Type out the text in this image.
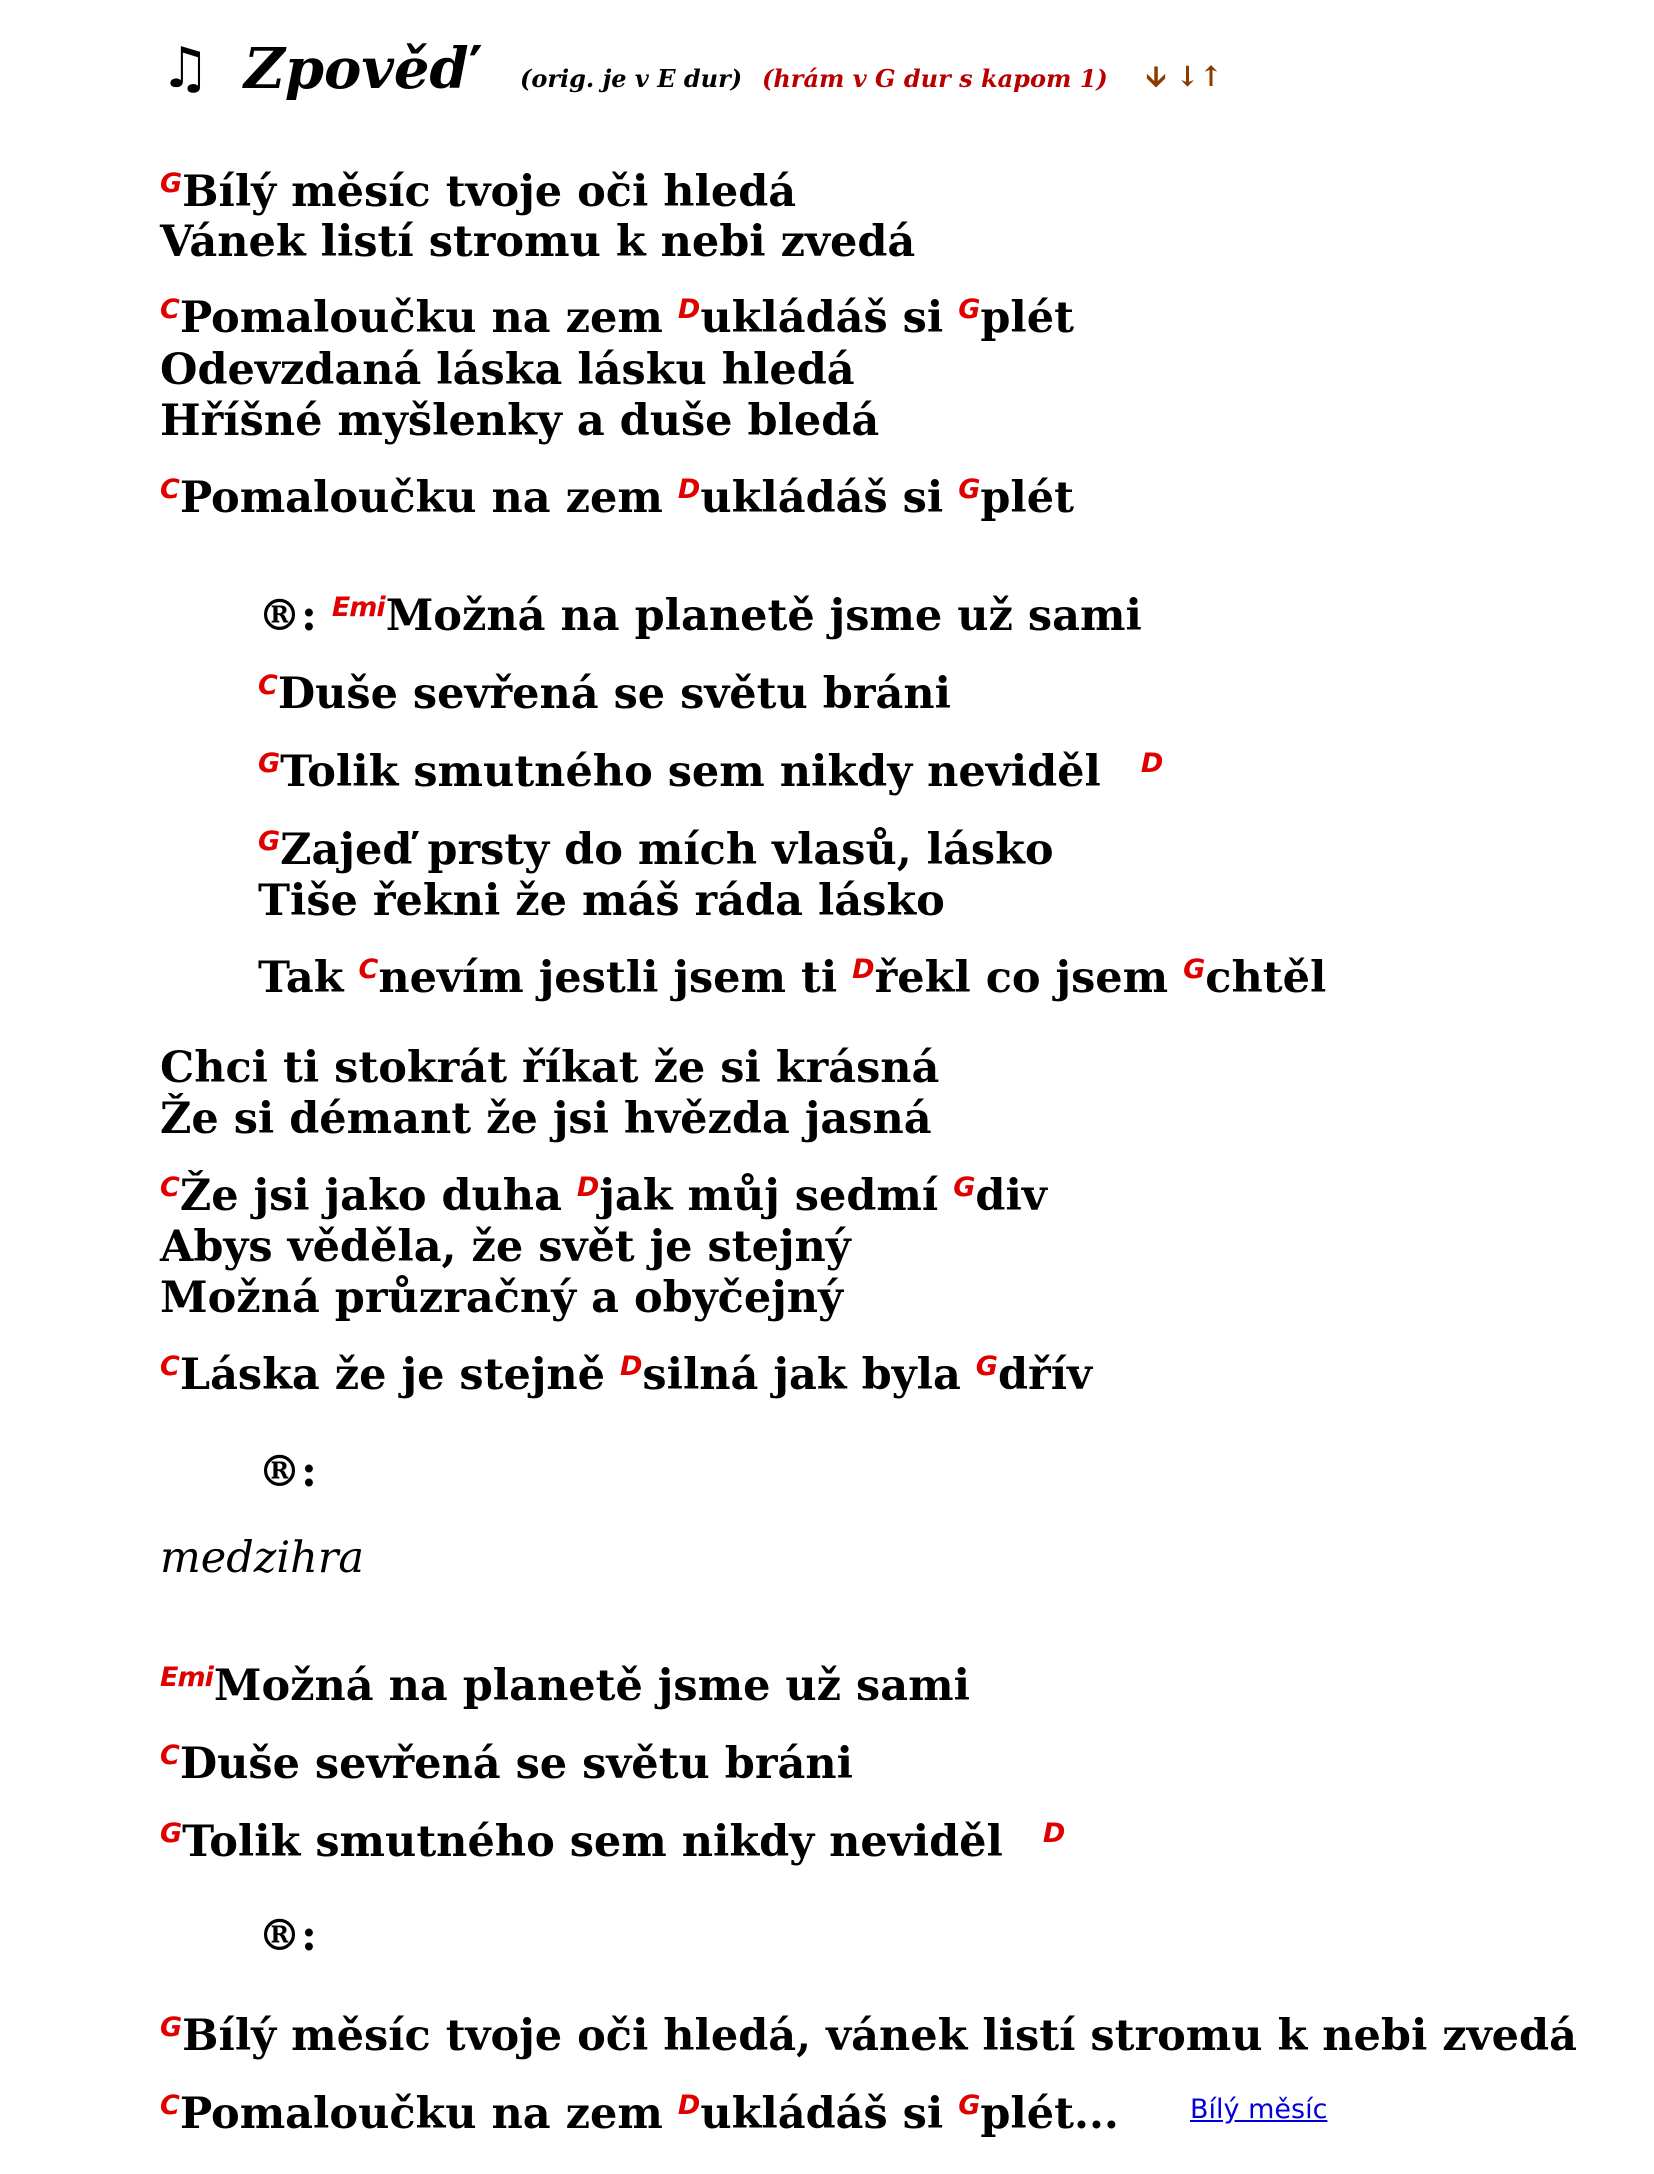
♫ Zpověď (orig. je v E dur) (hrám v G dur s kapom 1) 🡫 ↓↑
$^G$Bílý měsíc tvoje oči hledá
Vánek listí stromu k nebi zvedá
$^C$Pomaloučku na zem $^D$ukládáš si $^G$plét
Odevzdaná láska lásku hledá
Hříšné myšlenky a duše bledá
$^C$Pomaloučku na zem $^D$ukládáš si $^G$plét
®: $^{Emi}$Možná na planetě jsme už sami
$^C$Duše sevřená se světu bráni
$^G$Tolik smutného sem nikdy neviděl $^D$
$^G$Zajeď prsty do mích vlasů, lásko
Tiše řekni že máš ráda lásko
Tak $^C$nevím jestli jsem ti $^D$řekl co jsem $^G$chtěl
Chci ti stokrát říkat že si krásná
Že si démant že jsi hvězda jasná
$^C$Že jsi jako duha $^D$jak můj sedmí $^G$div
Abys věděla, že svět je stejný
Možná průzračný a obyčejný
$^C$Láska že je stejně $^D$silná jak byla $^G$dřív
®:
medzihra
$^{Emi}$Možná na planetě jsme už sami
$^C$Duše sevřená se světu bráni
$^G$Tolik smutného sem nikdy neviděl $^D$
®:
$^G$Bílý měsíc tvoje oči hledá, vánek listí stromu k nebi zvedá
$^C$Pomaloučku na zem $^D$ukládáš si $^G$plét...	Bílý měsíc
